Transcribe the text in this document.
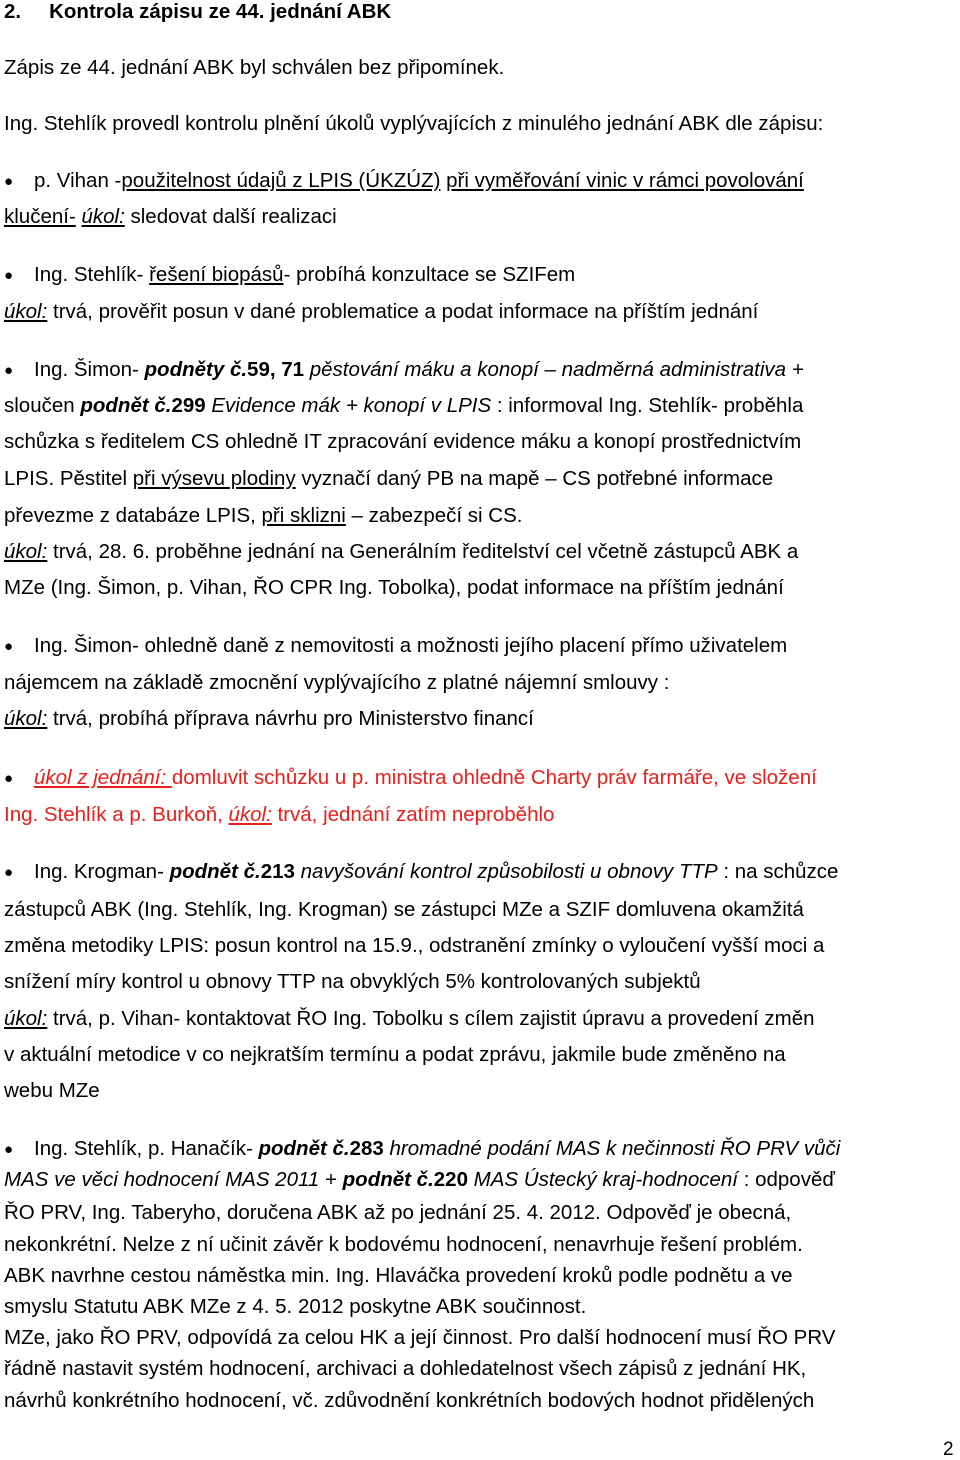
2. Kontrola zápisu ze 44. jednání ABK
Zápis ze 44. jednání ABK byl schválen bez připomínek.
Ing. Stehlík provedl kontrolu plnění úkolů vyplývajících z minulého jednání ABK dle zápisu:
● p. Vihan -použitelnost údajů z LPIS (ÚKZÚZ) při vyměřování vinic v rámci povolování
klučení- úkol: sledovat další realizaci
● Ing. Stehlík- řešení biopásů- probíhá konzultace se SZIFem
úkol: trvá, prověřit posun v dané problematice a podat informace na příštím jednání
● Ing. Šimon- podněty č.59, 71 pěstování máku a konopí – nadměrná administrativa +
sloučen podnět č.299 Evidence mák + konopí v LPIS : informoval Ing. Stehlík- proběhla
schůzka s ředitelem CS ohledně IT zpracování evidence máku a konopí prostřednictvím
LPIS. Pěstitel při výsevu plodiny vyznačí daný PB na mapě – CS potřebné informace
převezme z databáze LPIS, při sklizni – zabezpečí si CS.
úkol: trvá, 28. 6. proběhne jednání na Generálním ředitelství cel včetně zástupců ABK a
MZe (Ing. Šimon, p. Vihan, ŘO CPR Ing. Tobolka), podat informace na příštím jednání
● Ing. Šimon- ohledně daně z nemovitosti a možnosti jejího placení přímo uživatelem
nájemcem na základě zmocnění vyplývajícího z platné nájemní smlouvy :
úkol: trvá, probíhá příprava návrhu pro Ministerstvo financí
● úkol z jednání: domluvit schůzku u p. ministra ohledně Charty práv farmáře, ve složení
Ing. Stehlík a p. Burkoň, úkol: trvá, jednání zatím neproběhlo
● Ing. Krogman- podnět č.213 navyšování kontrol způsobilosti u obnovy TTP : na schůzce
zástupců ABK (Ing. Stehlík, Ing. Krogman) se zástupci MZe a SZIF domluvena okamžitá
změna metodiky LPIS: posun kontrol na 15.9., odstranění zmínky o vyloučení vyšší moci a
snížení míry kontrol u obnovy TTP na obvyklých 5% kontrolovaných subjektů
úkol: trvá, p. Vihan- kontaktovat ŘO Ing. Tobolku s cílem zajistit úpravu a provedení změn
v aktuální metodice v co nejkratším termínu a podat zprávu, jakmile bude změněno na
webu MZe
● Ing. Stehlík, p. Hanačík- podnět č.283 hromadné podání MAS k nečinnosti ŘO PRV vůči
MAS ve věci hodnocení MAS 2011 + podnět č.220 MAS Ústecký kraj-hodnocení : odpověď
ŘO PRV, Ing. Taberyho, doručena ABK až po jednání 25. 4. 2012. Odpověď je obecná,
nekonkrétní. Nelze z ní učinit závěr k bodovému hodnocení, nenavrhuje řešení problém.
ABK navrhne cestou náměstka min. Ing. Hlaváčka provedení kroků podle podnětu a ve
smyslu Statutu ABK MZe z 4. 5. 2012 poskytne ABK součinnost.
MZe, jako ŘO PRV, odpovídá za celou HK a její činnost. Pro další hodnocení musí ŘO PRV
řádně nastavit systém hodnocení, archivaci a dohledatelnost všech zápisů z jednání HK,
návrhů konkrétního hodnocení, vč. zdůvodnění konkrétních bodových hodnot přidělených
2
